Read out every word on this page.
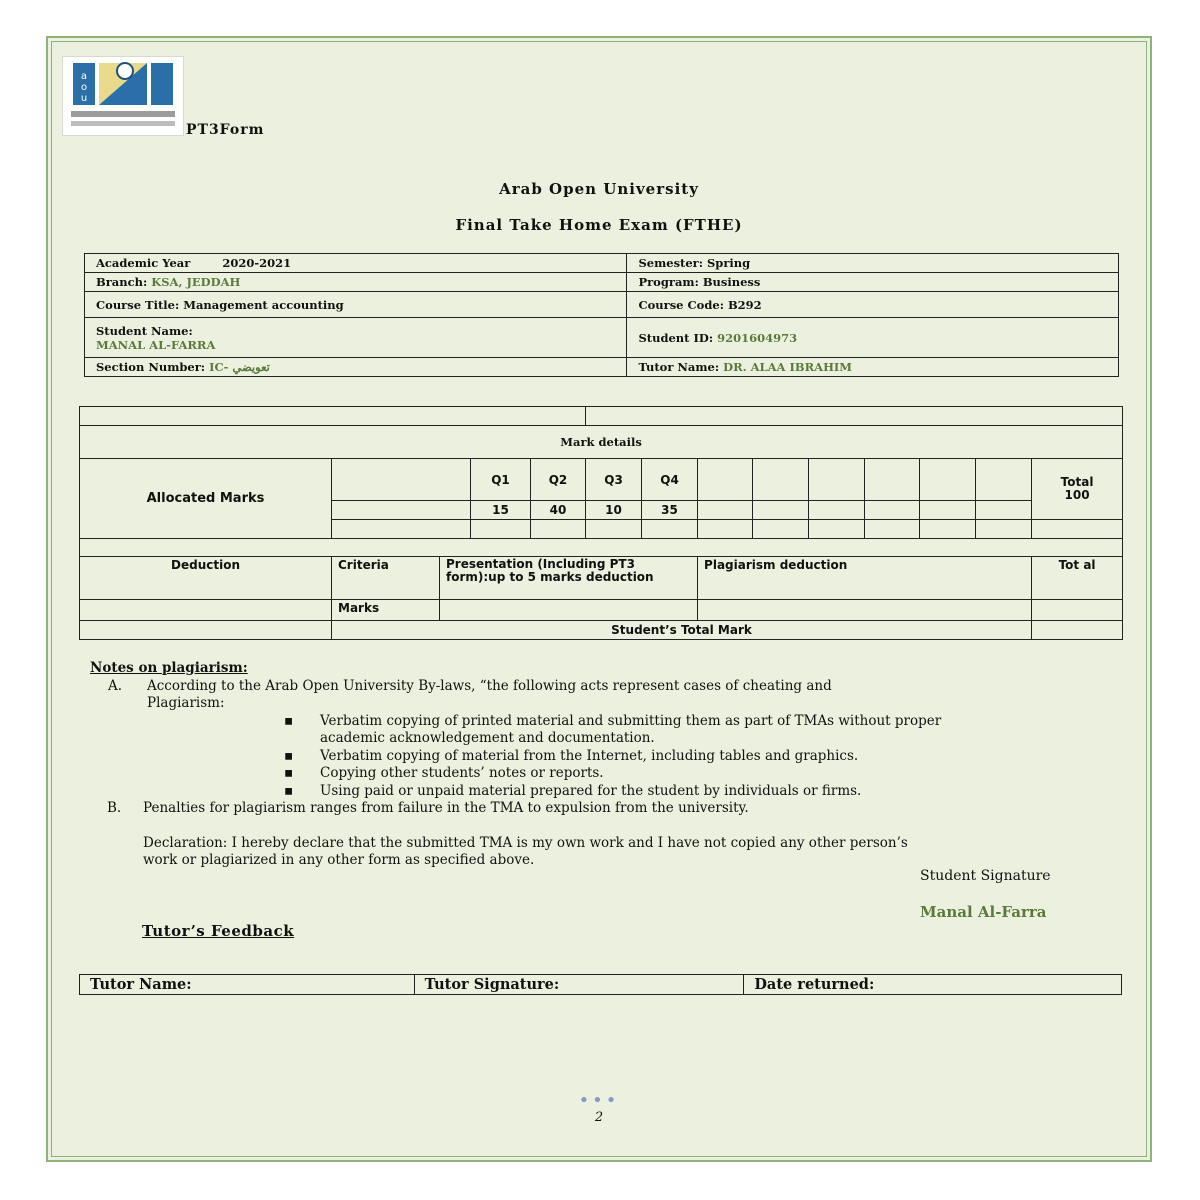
a
o
u
PT3Form
Arab Open University
Final Take Home Exam (FTHE)
Academic Year 2020-2021	Semester: Spring
Branch: KSA, JEDDAH	Program: Business
Course Title: Management accounting	Course Code: B292

Student Name:
MANAL AL-FARRA	Student ID: 9201604973
Section Number: IC- تعويضي	Tutor Name: DR. ALAA IBRAHIM

Mark details													
Allocated Marks			Q1	Q2	Q3	Q4							Total
100

			15	40	10	35							

Deduction	Criteria	Presentation (Including PT3 form):up to 5 marks deduction					Plagiarism deduction						Tot al
	Marks												
	Student’s Total Mark												
Notes on plagiarism:
A. According to the Arab Open University By-laws, “the following acts represent cases of cheating and
Plagiarism:
▪ Verbatim copying of printed material and submitting them as part of TMAs without proper
academic acknowledgement and documentation.
▪ Verbatim copying of material from the Internet, including tables and graphics.
▪ Copying other students’ notes or reports.
▪ Using paid or unpaid material prepared for the student by individuals or firms.
B. Penalties for plagiarism ranges from failure in the TMA to expulsion from the university.
Declaration: I hereby declare that the submitted TMA is my own work and I have not copied any other person’s
work or plagiarized in any other form as specified above.
Student Signature
Manal Al-Farra
Tutor’s Feedback
Tutor Name:	Tutor Signature:	Date returned:
•••
2
